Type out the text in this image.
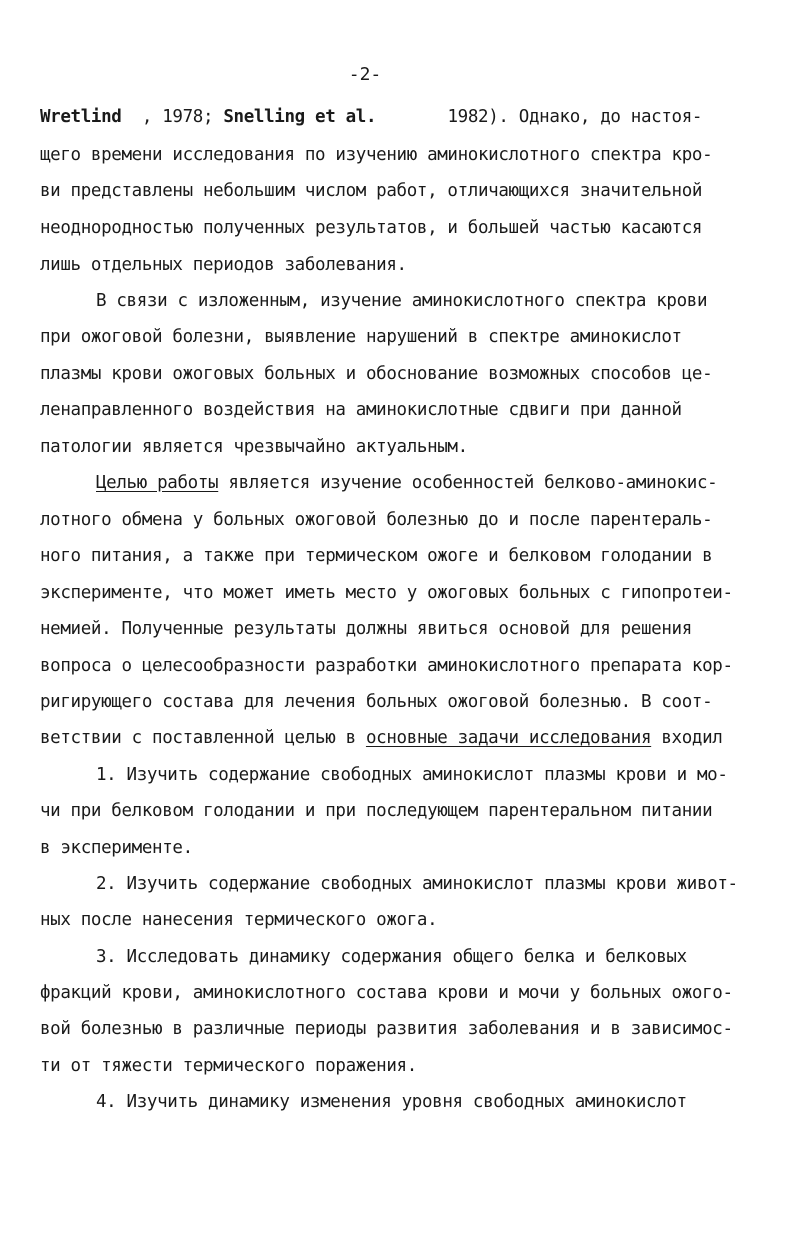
-2-
Wretlind  , 1978; Snelling et al.       1982). Однако, до настоя-
щего времени исследования по изучению аминокислотного спектра кро-
ви представлены небольшим числом работ, отличающихся значительной
неоднородностью полученных результатов, и большей частью касаются
лишь отдельных периодов заболевания.
В связи с изложенным, изучение аминокислотного спектра крови
при ожоговой болезни, выявление нарушений в спектре аминокислот
плазмы крови ожоговых больных и обоснование возможных способов це-
ленаправленного воздействия на аминокислотные сдвиги при данной
патологии является чрезвычайно актуальным.
Целью работы является изучение особенностей белково-аминокис-
лотного обмена у больных ожоговой болезнью до и после парентераль-
ного питания, а также при термическом ожоге и белковом голодании в
эксперименте, что может иметь место у ожоговых больных с гипопротеи-
немией. Полученные результаты должны явиться основой для решения
вопроса о целесообразности разработки аминокислотного препарата кор-
ригирующего состава для лечения больных ожоговой болезнью. В соот-
ветствии с поставленной целью в основные задачи исследования входил
1. Изучить содержание свободных аминокислот плазмы крови и мо-
чи при белковом голодании и при последующем парентеральном питании
в эксперименте.
2. Изучить содержание свободных аминокислот плазмы крови живот-
ных после нанесения термического ожога.
3. Исследовать динамику содержания общего белка и белковых
фракций крови, аминокислотного состава крови и мочи у больных ожого-
вой болезнью в различные периоды развития заболевания и в зависимос-
ти от тяжести термического поражения.
4. Изучить динамику изменения уровня свободных аминокислот
